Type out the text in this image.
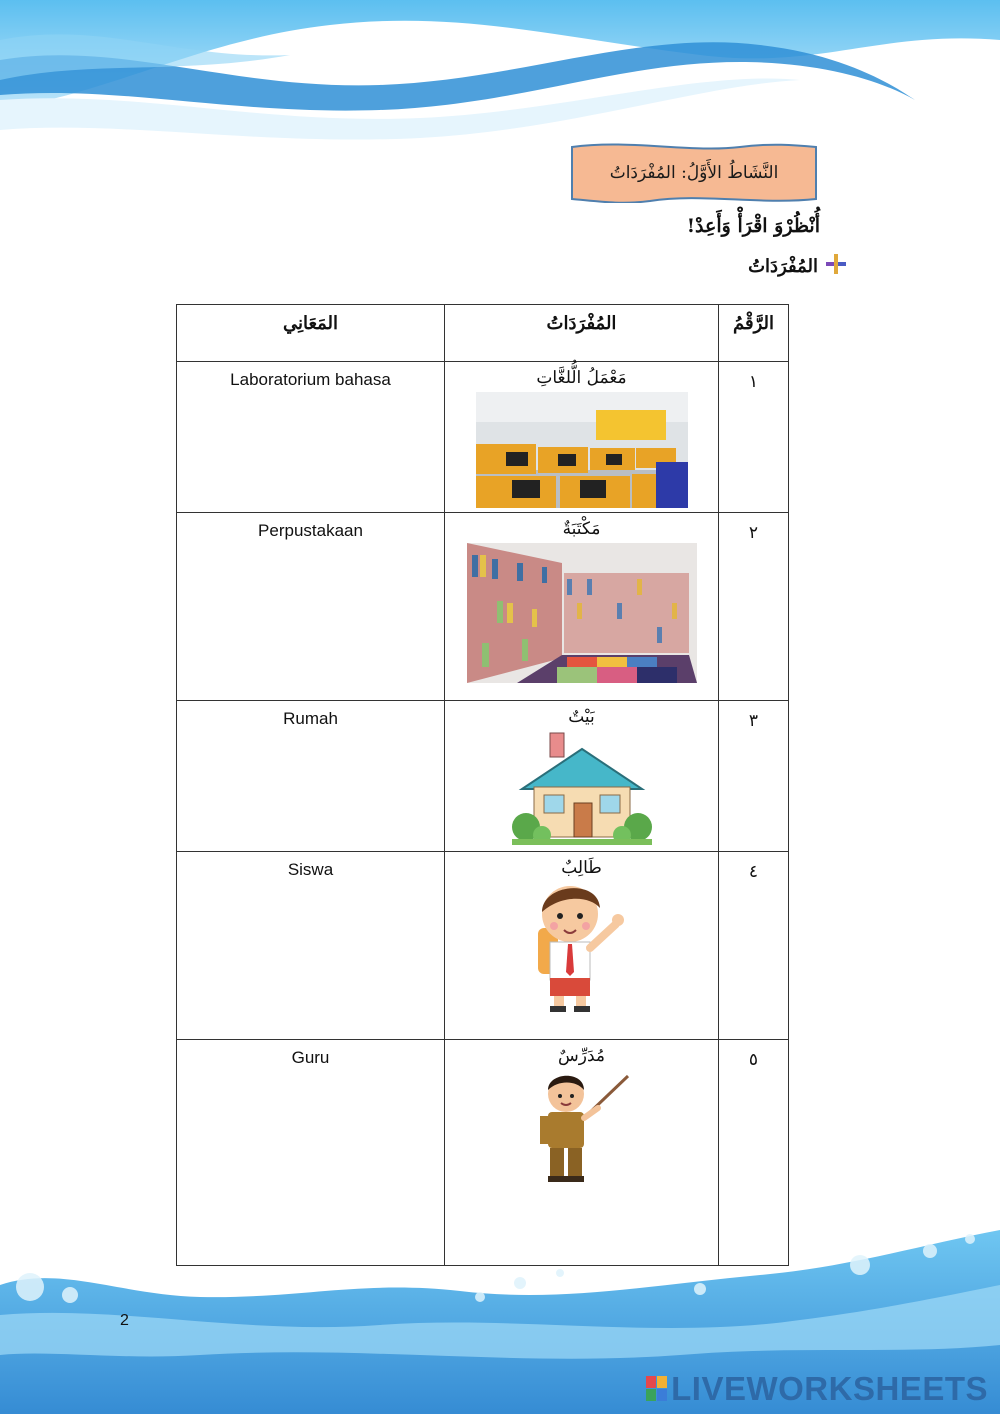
النَّشَاطُ الأَوَّلُ: المُفْرَدَاتُ
أُنْظُرْوَ اقْرَأْ وَأَعِدْ!
المُفْرَدَاتُ
المَعَانِي	المُفْرَدَاتُ	الرَّقْمُ

Laboratorium bahasa	مَعْمَلُ الُّلغَّاتِ	١
Perpustakaan	مَكْتَبَةٌ	٢
Rumah	بَيْتٌ	٣
Siswa	طَالِبٌ	٤
Guru	مُدَرِّسٌ	٥
2
LIVEWORKSHEETS
